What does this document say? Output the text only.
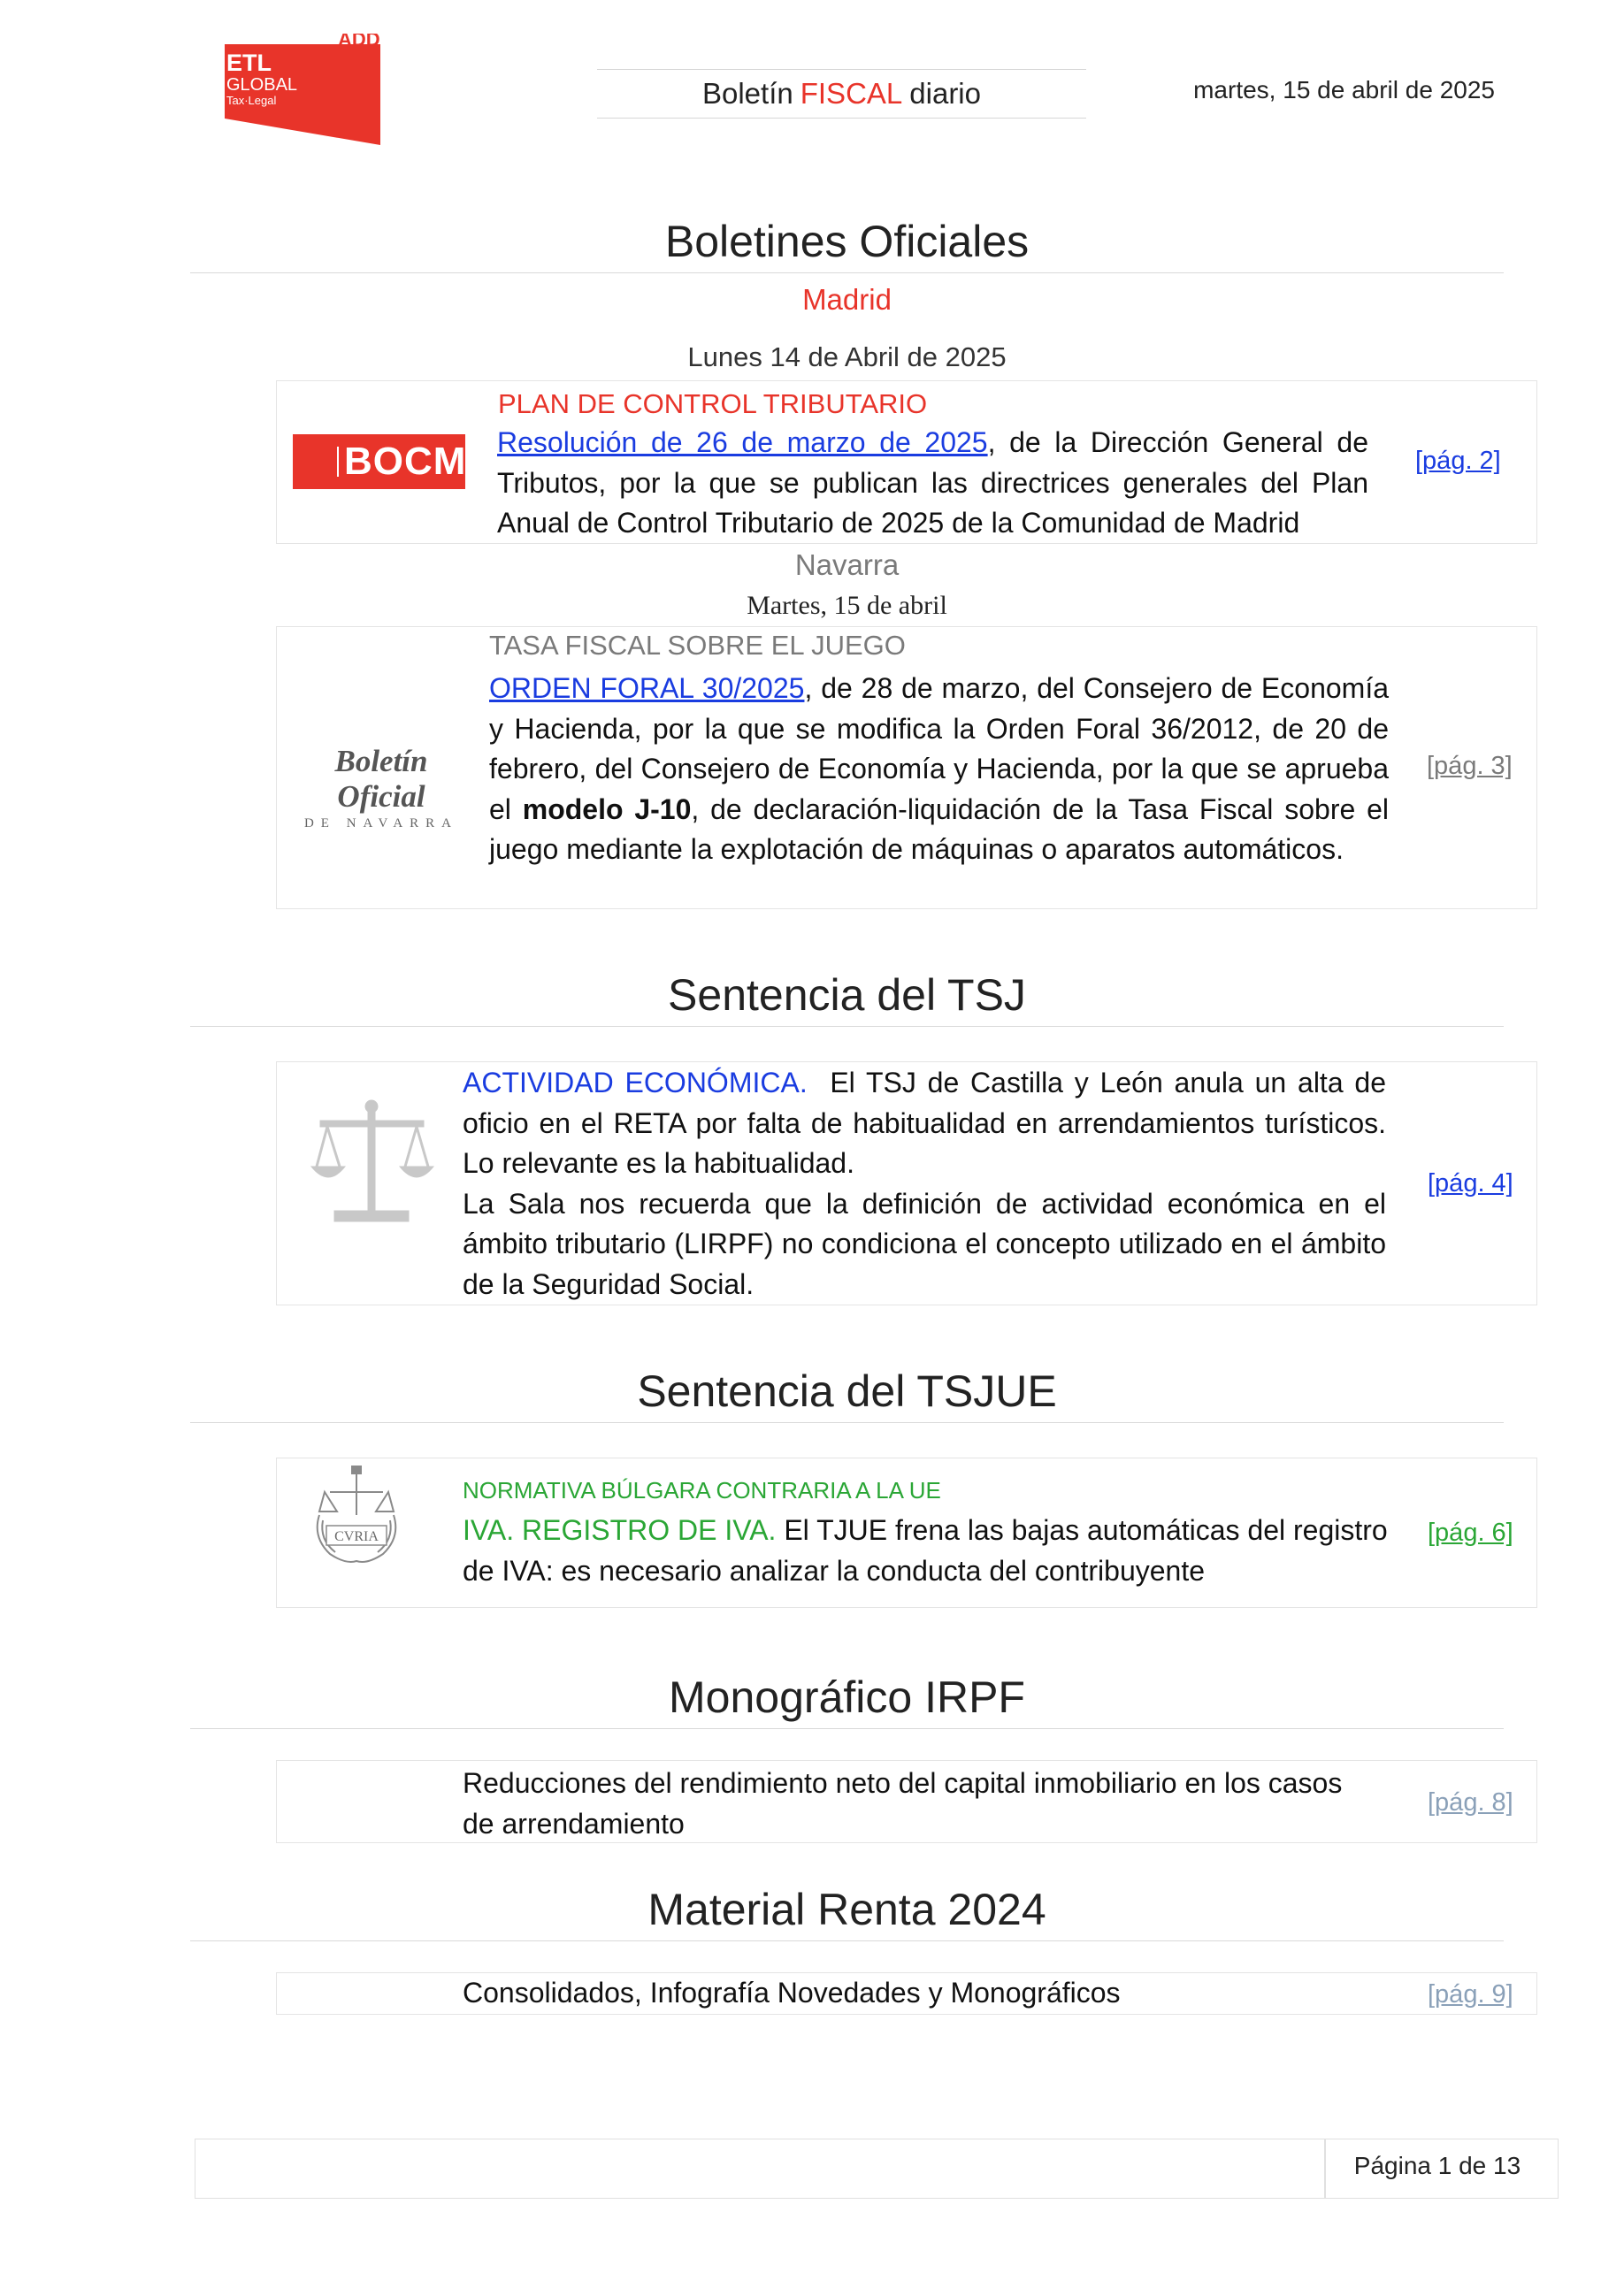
ADD
ETL
GLOBAL
Tax·Legal	Boletín FISCAL diario	martes, 15 de abril de 2025
Boletines Oficiales
Madrid
Lunes 14 de Abril de 2025
BOCM
PLAN DE CONTROL TRIBUTARIO
Resolución de 26 de marzo de 2025, de la Dirección General de Tributos, por la que se publican las directrices generales del Plan Anual de Control Tributario de 2025 de la Comunidad de Madrid
[pág. 2]
Navarra
Martes, 15 de abril
Boletín Oficial
DE NAVARRA
TASA FISCAL SOBRE EL JUEGO
ORDEN FORAL 30/2025, de 28 de marzo, del Consejero de Economía y Hacienda, por la que se modifica la Orden Foral 36/2012, de 20 de febrero, del Consejero de Economía y Hacienda, por la que se aprueba el modelo J-10, de declaración-liquidación de la Tasa Fiscal sobre el juego mediante la explotación de máquinas o aparatos automáticos.
[pág. 3]
Sentencia del TSJ
ACTIVIDAD ECONÓMICA. El TSJ de Castilla y León anula un alta de oficio en el RETA por falta de habitualidad en arrendamientos turísticos. Lo relevante es la habitualidad.
La Sala nos recuerda que la definición de actividad económica en el ámbito tributario (LIRPF) no condiciona el concepto utilizado en el ámbito de la Seguridad Social.
[pág. 4]
Sentencia del TSJUE
CVRIA
NORMATIVA BÚLGARA CONTRARIA A LA UE
IVA. REGISTRO DE IVA. El TJUE frena las bajas automáticas del registro de IVA: es necesario analizar la conducta del contribuyente
[pág. 6]
Monográfico IRPF
Reducciones del rendimiento neto del capital inmobiliario en los casos de arrendamiento
[pág. 8]
Material Renta 2024
Consolidados, Infografía Novedades y Monográficos	[pág. 9]
Página 1 de 13
